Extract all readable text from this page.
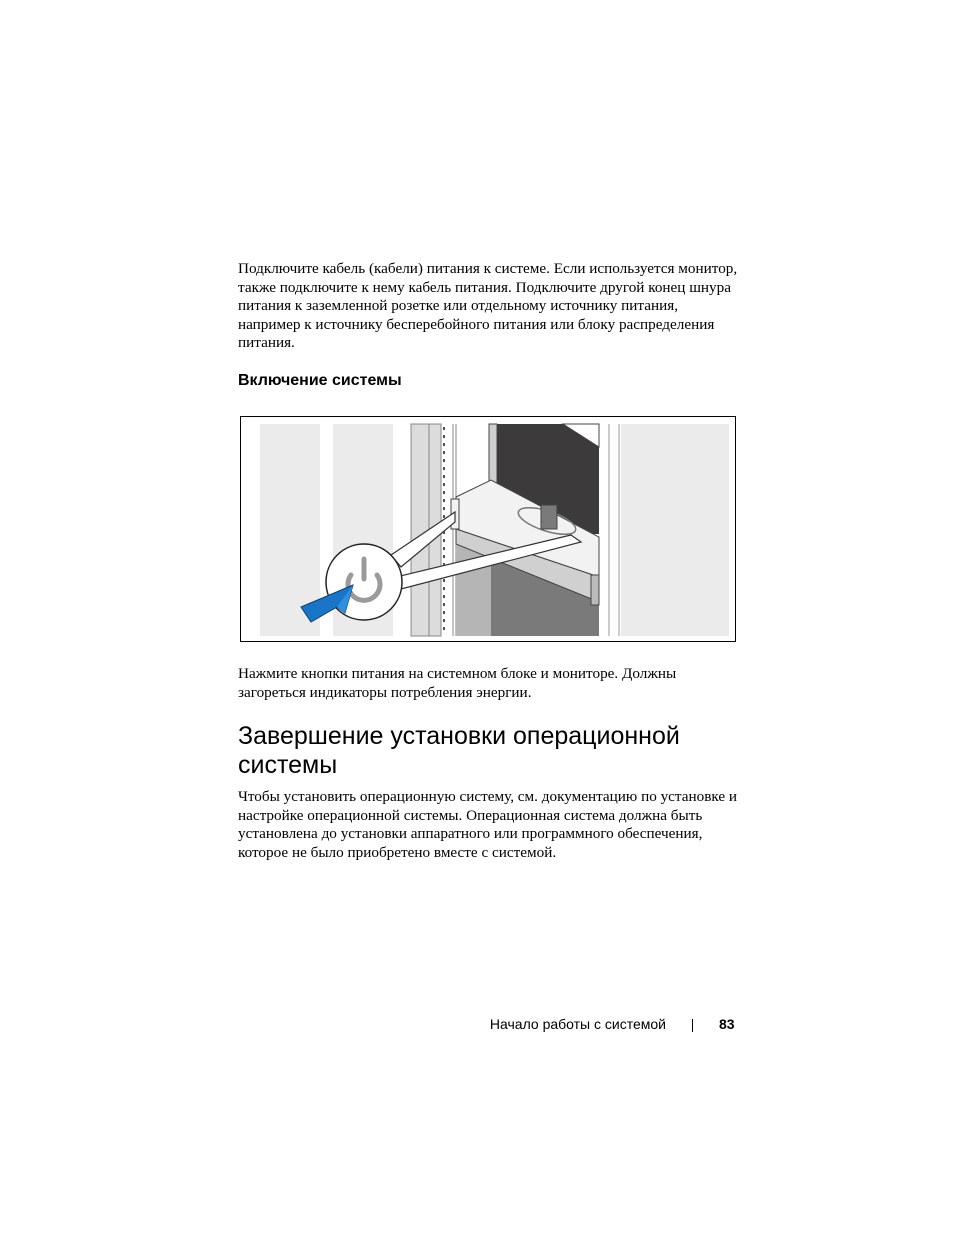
Подключите кабель (кабели) питания к системе. Если используется монитор, также подключите к нему кабель питания. Подключите другой конец шнура питания к заземленной розетке или отдельному источнику питания, например к источнику бесперебойного питания или блоку распределения питания.

Включение системы

Нажмите кнопки питания на системном блоке и мониторе. Должны загореться индикаторы потребления энергии.

Завершение установки операционной системы

Чтобы установить операционную систему, см. документацию по установке и настройке операционной системы. Операционная система должна быть установлена до установки аппаратного или программного обеспечения, которое не было приобретено вместе с системой.

Начало работы с системой	83
